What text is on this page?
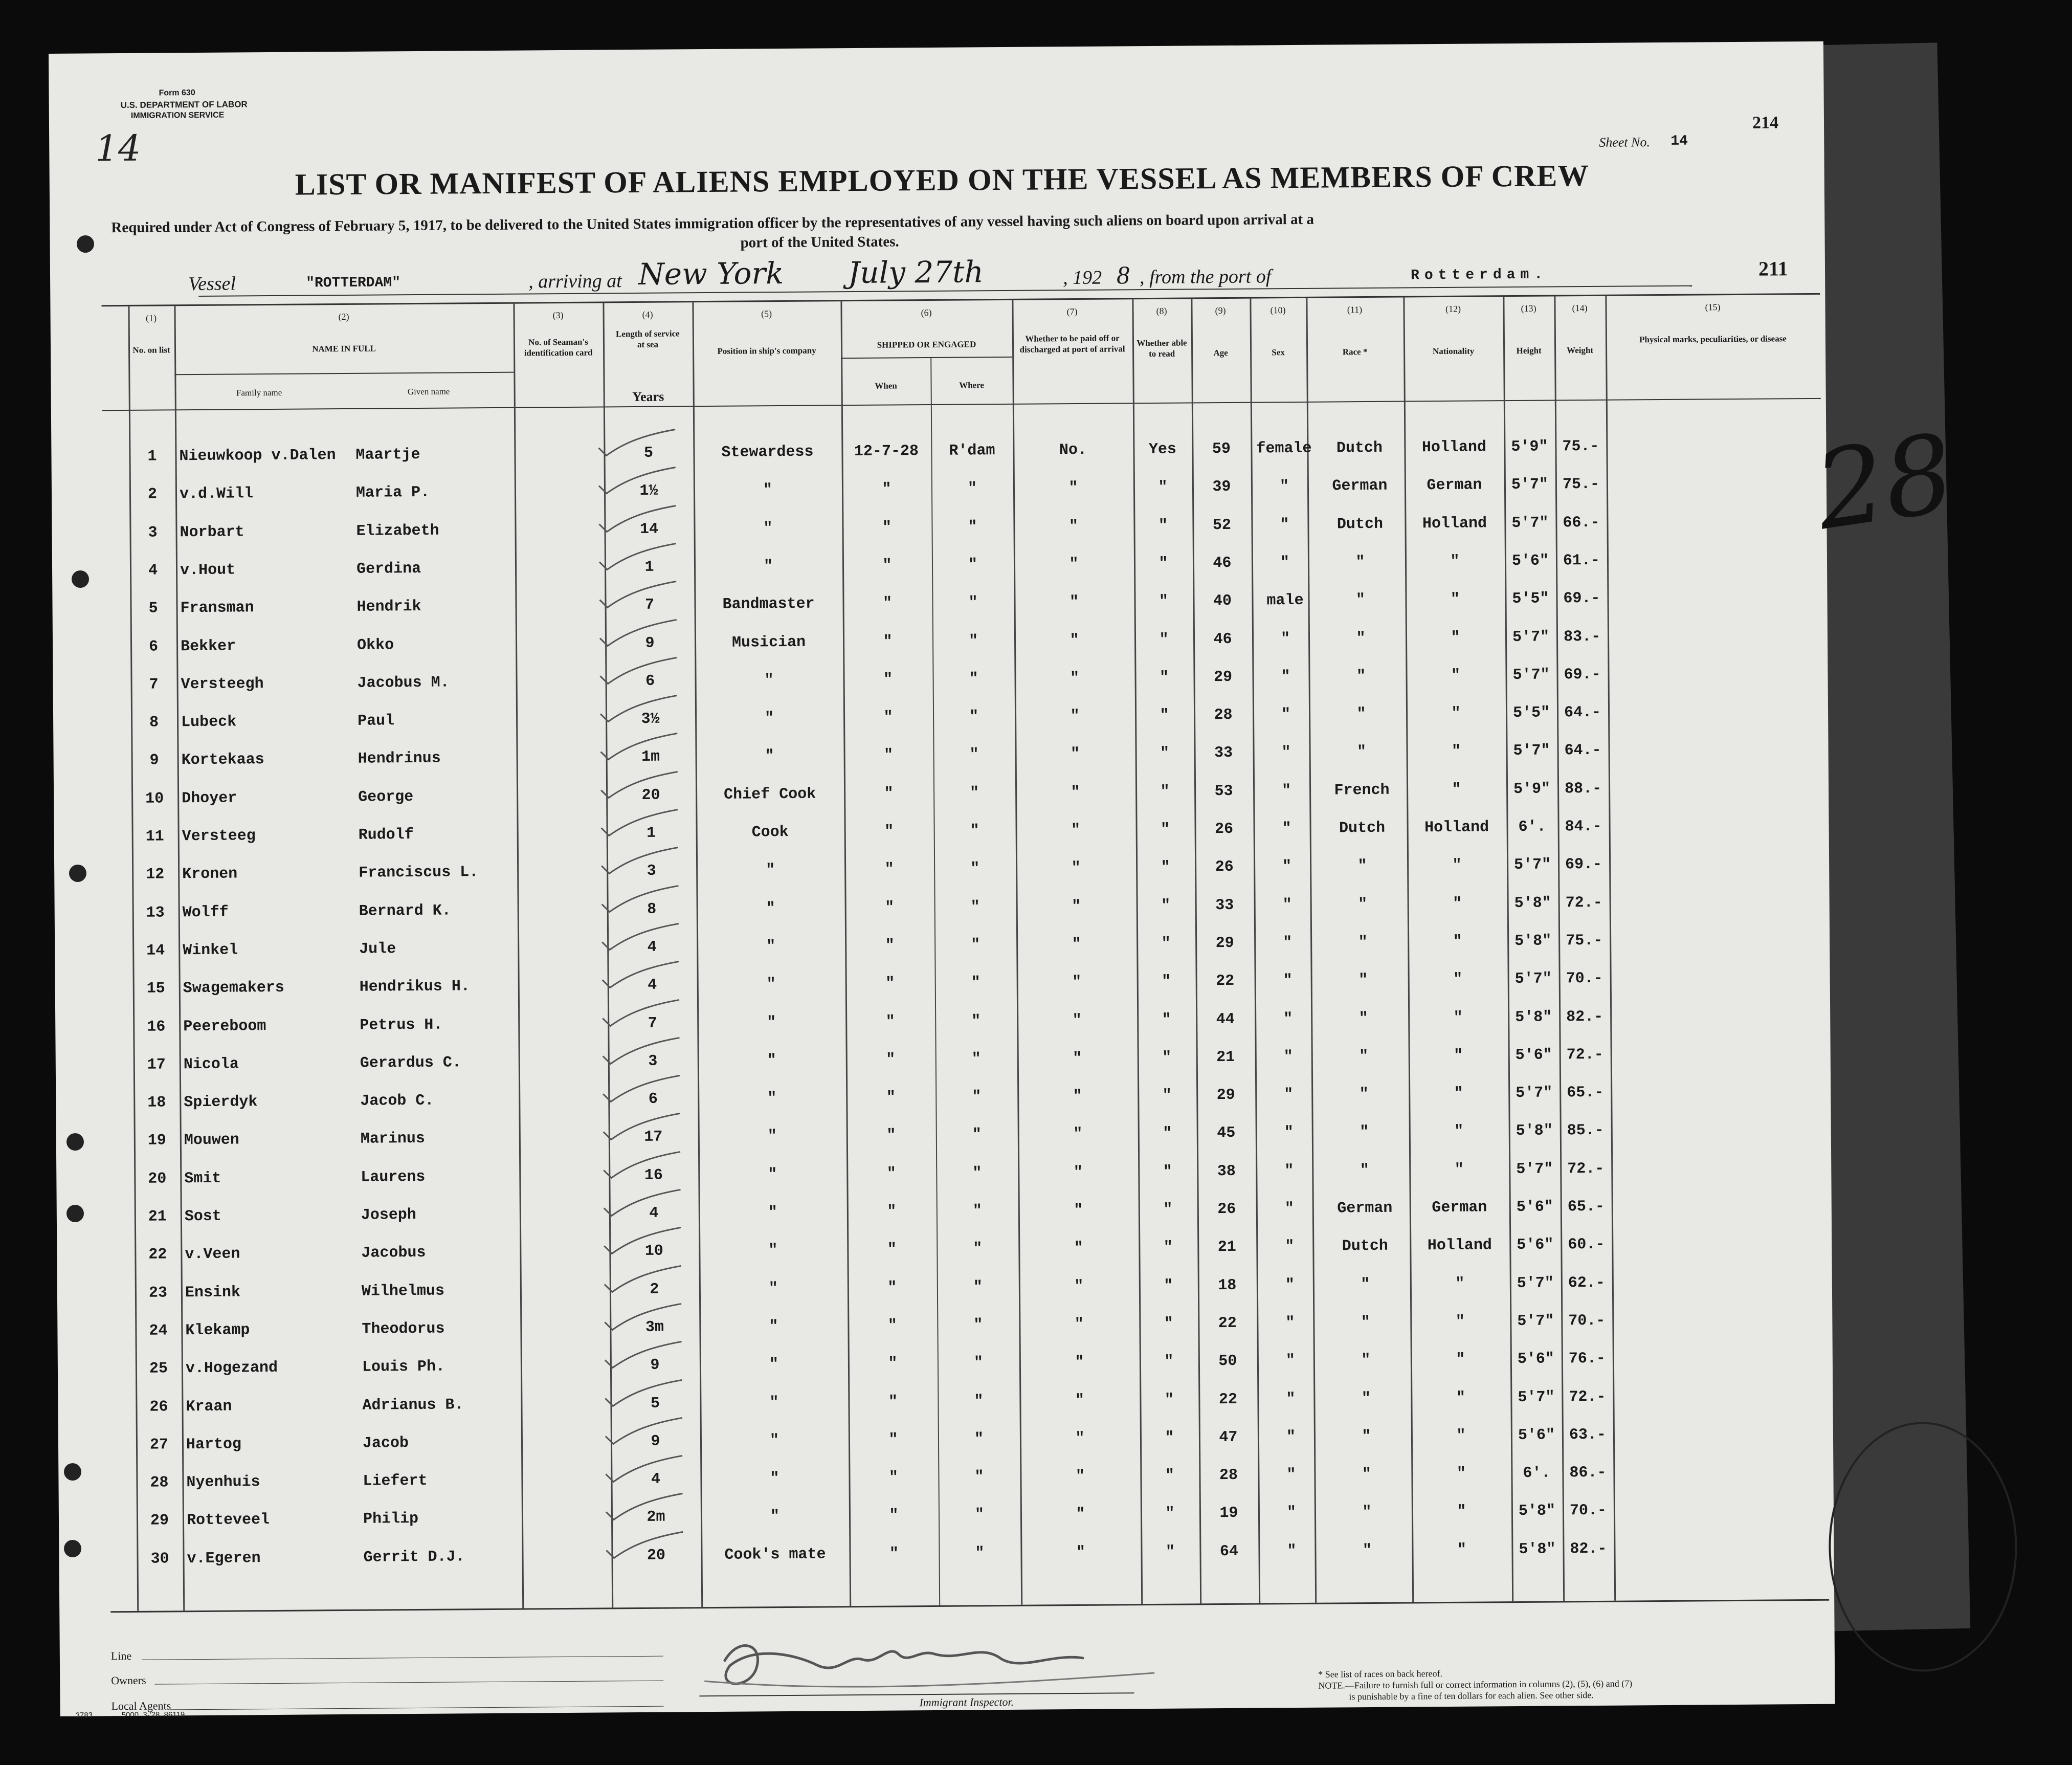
Form 630
U.S. DEPARTMENT OF LABOR
IMMIGRATION SERVICE
14	Sheet No. 14
214
LIST OR MANIFEST OF ALIENS EMPLOYED ON THE VESSEL AS MEMBERS OF CREW
Required under Act of Congress of February 5, 1917, to be delivered to the United States immigration officer by the representatives of any vessel having such aliens on board upon arrival at a
port of the United States.
Vessel	"ROTTERDAM"	, arriving at New York July 27th	, 192 8 , from the port of	Rotterdam.	211
(1)	(2)	(3)	(4)	(5)	(6)	(7)	(8)	(9)	(10)	(11)	(12)	(13)	(14)	(15)
No. on list	NAME IN FULL
Family name	Given name
No. of Seaman's identification card
Length of service at sea
Years
Position in ship's company
SHIPPED OR ENGAGED
When	Where
Whether to be paid off or discharged at port of arrival
Whether able to read	Age	Sex	Race *	Nationality	Height	Weight
Physical marks, peculiarities, or disease
1	Nieuwkoop v.Dalen	Maartje	5	Stewardess	12-7-28	R'dam	No.	Yes	59	female	Dutch	Holland	5'9" 75.-
2	v.d.Will	Maria P.	1½	"	"	"	"	"	39	"	German	German	5'7" 75.-
3	Norbart	Elizabeth	14	"	"	"	"	"	52	"	Dutch	Holland	5'7" 66.-
4	v.Hout	Gerdina	1	"	"	"	"	"	46	"	"	"	5'6" 61.-
5	Fransman	Hendrik	7	Bandmaster	"	"	"	"	40	male	"	"	5'5" 69.-
6	Bekker	Okko	9	Musician	"	"	"	"	46	"	"	"	5'7" 83.-
7	Versteegh	Jacobus M.	6	"	"	"	"	"	29	"	"	"	5'7" 69.-
8	Lubeck	Paul	3½	"	"	"	"	"	28	"	"	"	5'5" 64.-
9	Kortekaas	Hendrinus	1m	"	"	"	"	"	33	"	"	"	5'7" 64.-
10	Dhoyer	George	20	Chief Cook	"	"	"	"	53	"	French	"	5'9" 88.-
11	Versteeg	Rudolf	1	Cook	"	"	"	"	26	"	Dutch	Holland	6'.	84.-
12	Kronen	Franciscus L.	3	"	"	"	"	"	26	"	"	"	5'7" 69.-
13	Wolff	Bernard K.	8	"	"	"	"	"	33	"	"	"	5'8" 72.-
14	Winkel	Jule	4	"	"	"	"	"	29	"	"	"	5'8" 75.-
15	Swagemakers	Hendrikus H.	4	"	"	"	"	"	22	"	"	"	5'7" 70.-
16	Peereboom	Petrus H.	7	"	"	"	"	"	44	"	"	"	5'8" 82.-
17	Nicola	Gerardus C.	3	"	"	"	"	"	21	"	"	"	5'6" 72.-
18	Spierdyk	Jacob C.	6	"	"	"	"	"	29	"	"	"	5'7" 65.-
19	Mouwen	Marinus	17	"	"	"	"	"	45	"	"	"	5'8" 85.-
20	Smit	Laurens	16	"	"	"	"	"	38	"	"	"	5'7" 72.-
21	Sost	Joseph	4	"	"	"	"	"	26	"	German	German	5'6" 65.-
22	v.Veen	Jacobus	10	"	"	"	"	"	21	"	Dutch	Holland	5'6" 60.-
23	Ensink	Wilhelmus	2	"	"	"	"	"	18	"	"	"	5'7" 62.-
24	Klekamp	Theodorus	3m	"	"	"	"	"	22	"	"	"	5'7" 70.-
25	v.Hogezand	Louis Ph.	9	"	"	"	"	"	50	"	"	"	5'6" 76.-
26	Kraan	Adrianus B.	5	"	"	"	"	"	22	"	"	"	5'7" 72.-
27	Hartog	Jacob	9	"	"	"	"	"	47	"	"	"	5'6" 63.-
28	Nyenhuis	Liefert	4	"	"	"	"	"	28	"	"	"	6'.	86.-
29	Rotteveel	Philip	2m	"	"	"	"	"	19	"	"	"	5'8" 70.-
30	v.Egeren	Gerrit D.J.	20	Cook's mate	"	"	"	"	64	"	"	"	5'8" 82.-
28
Line
Owners
Local Agents
3783	5000. 3-'28. 86119.
Immigrant Inspector.
* See list of races on back hereof.
NOTE.—Failure to furnish full or correct information in columns (2), (5), (6) and (7)
is punishable by a fine of ten dollars for each alien. See other side.
